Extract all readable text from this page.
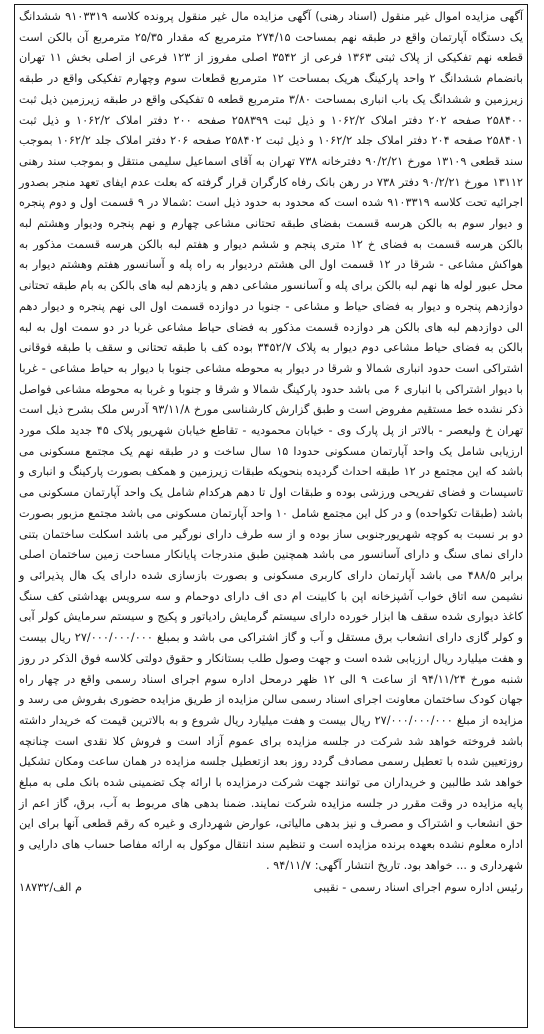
آگهی مزایده اموال غیر منقول (اسناد رهنی) آگهی مزایده مال غیر منقول پرونده کلاسه ۹۱۰۳۳۱۹ ششدانگ یک دستگاه آپارتمان واقع در طبقه نهم بمساحت ۲۷۴/۱۵ مترمربع که مقدار ۲۵/۳۵ مترمربع آن بالکن است قطعه نهم تفکیکی از پلاک ثبتی ۱۳۶۳ فرعی از ۳۵۴۲ اصلی مفروز از ۱۲۳ فرعی از اصلی بخش ۱۱ تهران بانضمام ششدانگ ۲ واحد پارکینگ هریک بمساحت ۱۲ مترمربع قطعات سوم وچهارم تفکیکی واقع در طبقه زیرزمین و ششدانگ یک باب انباری بمساحت ۳/۸۰ مترمربع قطعه ۵ تفکیکی واقع در طبقه زیرزمین ذیل ثبت ۲۵۸۴۰۰ صفحه ۲۰۲ دفتر املاک ۱۰۶۲/۲ و ذیل ثبت ۲۵۸۳۹۹ صفحه ۲۰۰ دفتر املاک ۱۰۶۲/۲ و ذیل ثبت ۲۵۸۴۰۱ صفحه ۲۰۴ دفتر املاک جلد ۱۰۶۲/۲ و ذیل ثبت ۲۵۸۴۰۲ صفحه ۲۰۶ دفتر املاک جلد ۱۰۶۲/۲ بموجب سند قطعی ۱۳۱۰۹ مورخ ۹۰/۲/۲۱ دفترخانه ۷۳۸ تهران به آقای اسماعیل سلیمی منتقل و بموجب سند رهنی ۱۳۱۱۲ مورخ ۹۰/۲/۲۱ دفتر ۷۳۸ در رهن بانک رفاه کارگران قرار گرفته که بعلت عدم ایفای تعهد منجر بصدور اجرائیه تحت کلاسه ۹۱۰۳۳۱۹ شده است که محدود به حدود ذیل است :شمالا در ۹ قسمت اول و دوم پنجره و دیوار سوم به بالکن هرسه قسمت بفضای طبقه تحتانی مشاعی چهارم و نهم پنجره ودیوار وهشتم لبه بالکن هرسه قسمت به فضای خ ۱۲ متری پنجم و ششم دیوار و هفتم لبه بالکن هرسه قسمت مذکور به هواکش مشاعی - شرقا در ۱۲ قسمت اول الی هشتم دردیوار به راه پله و آسانسور هفتم وهشتم دیوار به محل عبور لوله ها نهم لبه بالکن برای پله و آسانسور مشاعی دهم و یازدهم لبه های بالکن به بام طبقه تحتانی دوازدهم پنجره و دیوار به فضای حیاط و مشاعی - جنوبا در دوازده قسمت اول الی نهم پنجره و دیوار دهم الی دوازدهم لبه های بالکن هر دوازده قسمت مذکور به فضای حیاط مشاعی غربا در دو سمت اول به لبه بالکن به فضای حیاط مشاعی دوم دیوار به پلاک ۳۴۵۲/۷ بوده کف با طبقه تحتانی و سقف با طبقه فوقانی اشتراکی است حدود انباری شمالا و شرقا در دیوار به محوطه مشاعی جنوبا با دیوار به حیاط مشاعی - غربا با دیوار اشتراکی با انباری ۶ می باشد حدود پارکینگ شمالا و شرقا و جنوبا و غربا به محوطه مشاعی فواصل ذکر نشده خط مستقیم مفروض است و طبق گزارش کارشناسی مورخ ۹۳/۱۱/۸ آدرس ملک بشرح ذیل است تهران خ ولیعصر - بالاتر از پل پارک وی - خیابان محمودیه - تقاطع خیابان شهریور پلاک ۴۵ جدید ملک مورد ارزیابی شامل یک واحد آپارتمان مسکونی حدودا ۱۵ سال ساخت و در طبقه نهم یک مجتمع مسکونی می باشد که این مجتمع در ۱۲ طبقه احداث گردیده بنحویکه طبقات زیرزمین و همکف بصورت پارکینگ و انباری و تاسیسات و فضای تفریحی ورزشی بوده و طبقات اول تا دهم هرکدام شامل یک واحد آپارتمان مسکونی می باشد (طبقات تکواحده) و در کل این مجتمع شامل ۱۰ واحد آپارتمان مسکونی می باشد مجتمع مزبور بصورت دو بر نسبت به کوچه شهریورجنوبی ساز بوده و از سه طرف دارای نورگیر می باشد اسکلت ساختمان بتنی دارای نمای سنگ و دارای آسانسور می باشد همچنین طبق مندرجات پایانکار مساحت زمین ساختمان اصلی برابر ۴۸۸/۵ می باشد آپارتمان دارای کاربری مسکونی و بصورت بازسازی شده دارای یک هال پذیرائی و نشیمن سه اتاق خواب آشپزخانه اپن با کابینت ام دی اف دارای دوحمام و سه سرویس بهداشتی کف سنگ کاغذ دیواری شده سقف ها ابزار خورده دارای سیستم گرمایش رادیاتور و پکیج و سیستم سرمایش کولر آبی و کولر گازی دارای انشعاب برق مستقل و آب و گاز اشتراکی می باشد و بمبلغ ۲۷/۰۰۰/۰۰۰/۰۰۰ ریال بیست و هفت میلیارد ریال ارزیابی شده است و جهت وصول طلب بستانکار و حقوق دولتی کلاسه فوق الذکر در روز شنبه مورخ ۹۴/۱۱/۲۴ از ساعت ۹ الی ۱۲ ظهر درمحل اداره سوم اجرای اسناد رسمی واقع در چهار راه جهان کودک ساختمان معاونت اجرای اسناد رسمی سالن مزایده از طریق مزایده حضوری بفروش می رسد و مزایده از مبلغ ۲۷/۰۰۰/۰۰۰/۰۰۰ ریال بیست و هفت میلیارد ریال شروع و به بالاترین قیمت که خریدار داشته باشد فروخته خواهد شد شرکت در جلسه مزایده برای عموم آزاد است و فروش کلا نقدی است چنانچه روزتعیین شده با تعطیل رسمی مصادف گردد روز بعد ازتعطیل جلسه مزایده در همان ساعت ومکان تشکیل خواهد شد طالبین و خریداران می توانند جهت شرکت درمزایده با ارائه چک تضمینی شده بانک ملی به مبلغ پایه مزایده در وقت مقرر در جلسه مزایده شرکت نمایند. ضمنا بدهی های مربوط به آب، برق، گاز اعم از حق انشعاب و اشتراک و مصرف و نیز بدهی مالیاتی، عوارض شهرداری و غیره که رقم قطعی آنها برای این اداره معلوم نشده بعهده برنده مزایده است و تنظیم سند انتقال موکول به ارائه مفاصا حساب های دارایی و شهرداری و ... خواهد بود. تاریخ انتشار آگهی: ۹۴/۱۱/۷ .

رئیس اداره سوم اجرای اسناد رسمی - نقیبی
۱۸۷۳۲/م الف
